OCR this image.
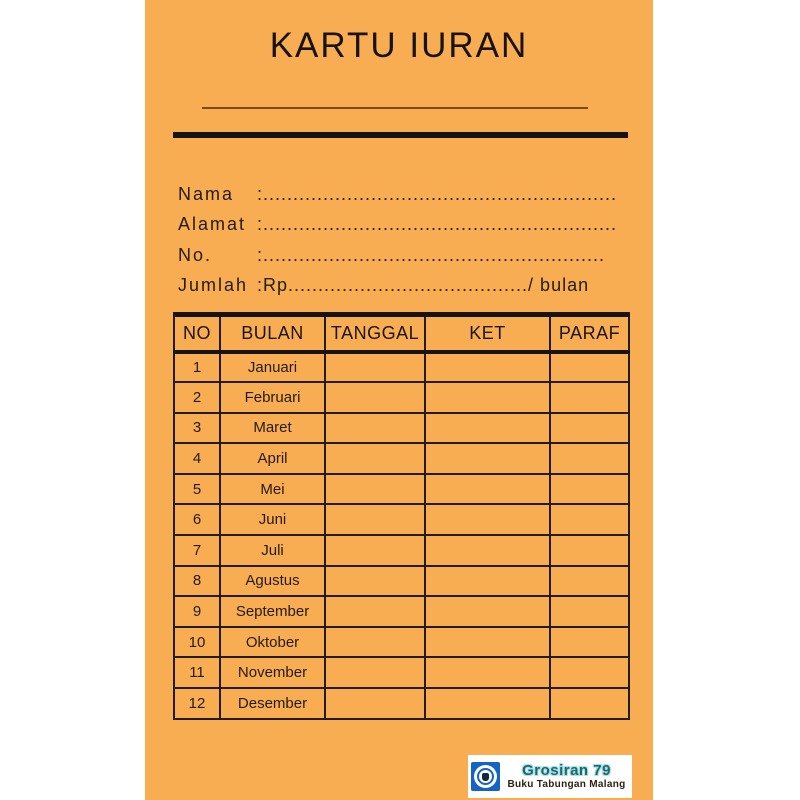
KARTU IURAN
Nama	:...........................................................
Alamat :...........................................................
No.	:.........................................................
Jumlah :Rp......................................../ bulan
NO	BULAN	TANGGAL	KET	PARAF
1	Januari			
2	Februari			
3	Maret			
4	April			
5	Mei			
6	Juni			
7	Juli			
8	Agustus			
9	September			
10	Oktober			
11	November			
12	Desember			
Grosiran 79
Buku Tabungan Malang
